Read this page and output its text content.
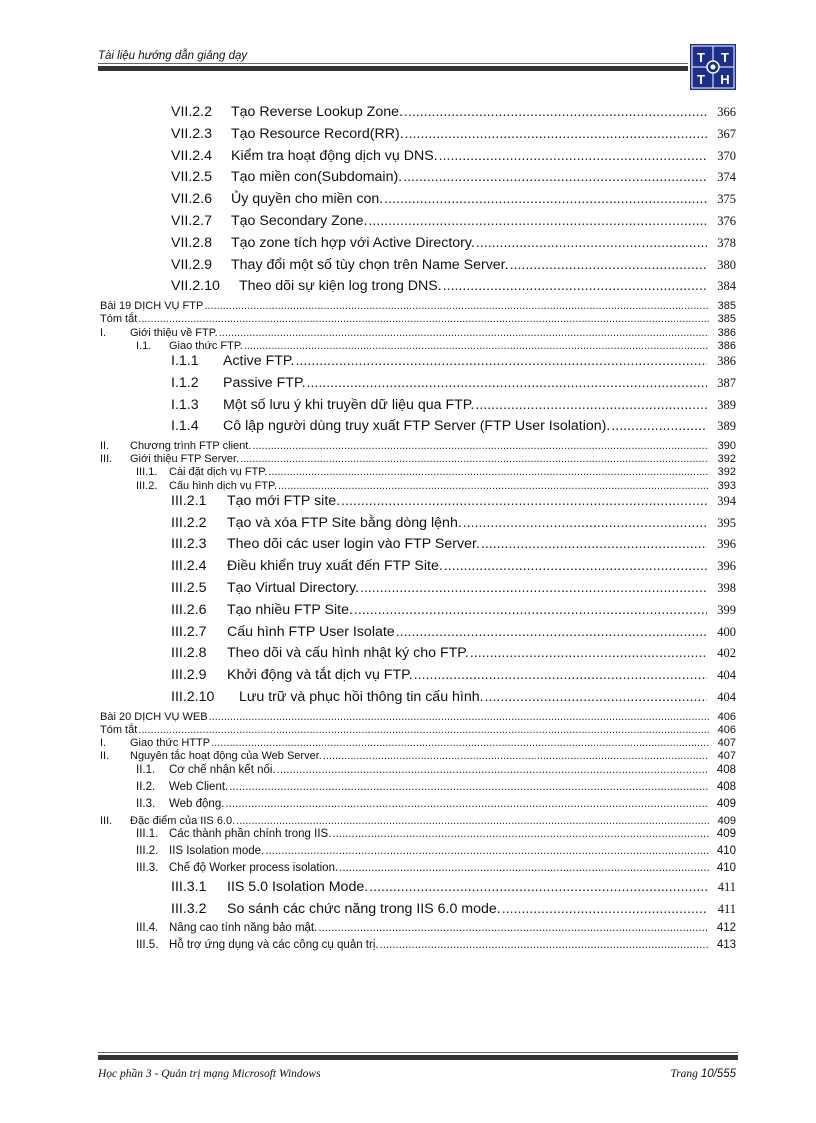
Tài liệu hướng dẫn giảng dạy	T T
T H
VII.2.2	Tạo Reverse Lookup Zone. .....	366
VII.2.3	Tạo Resource Record(RR). .....	367
VII.2.4	Kiểm tra hoạt động dịch vụ DNS. .....	370
VII.2.5	Tạo miền con(Subdomain). .....	374
VII.2.6	Ủy quyền cho miền con. .....	375
VII.2.7	Tạo Secondary Zone. .....	376
VII.2.8	Tạo zone tích hợp với Active Directory. .....	378
VII.2.9	Thay đổi một số tùy chọn trên Name Server. .....	380
VII.2.10	Theo dõi sự kiện log trong DNS. .....	384
Bài 19 DỊCH VỤ FTP .....	385
Tóm tắt .....	385
I.	Giới thiệu về FTP. .....	386
I.1.	Giao thức FTP. .....	386
I.1.1	Active FTP. .....	386
I.1.2	Passive FTP. .....	387
I.1.3	Một số lưu ý khi truyền dữ liệu qua FTP. .....	389
I.1.4	Cô lập người dùng truy xuất FTP Server (FTP User Isolation). .....	389
II.	Chương trình FTP client. .....	390
III.	Giới thiệu FTP Server. .....	392
III.1.	Cài đặt dịch vụ FTP. .....	392
III.2.	Cấu hình dịch vụ FTP. .....	393
III.2.1	Tạo mới FTP site. .....	394
III.2.2	Tạo và xóa FTP Site bằng dòng lệnh. .....	395
III.2.3	Theo dõi các user login vào FTP Server. .....	396
III.2.4	Điều khiển truy xuất đến FTP Site. .....	396
III.2.5	Tạo Virtual Directory. .....	398
III.2.6	Tạo nhiều FTP Site. .....	399
III.2.7	Cấu hình FTP User Isolate .....	400
III.2.8	Theo dõi và cấu hình nhật ký cho FTP. .....	402
III.2.9	Khởi động và tắt dịch vụ FTP. .....	404
III.2.10	Lưu trữ và phục hồi thông tin cấu hình. .....	404
Bài 20 DỊCH VỤ WEB .....	406
Tóm tắt .....	406
I.	Giao thức HTTP .....	407
II.	Nguyên tắc hoạt động của Web Server. .....	407
II.1.	Cơ chế nhận kết nối. .....	408
II.2.	Web Client. .....	408
II.3.	Web động. .....	409
III.	Đặc điểm của IIS 6.0. .....	409
III.1. Các thành phần chính trong IIS. .....	409
III.2. IIS Isolation mode. .....	410
III.3. Chế độ Worker process isolation. .....	410
III.3.1	IIS 5.0 Isolation Mode. .....	411
III.3.2	So sánh các chức năng trong IIS 6.0 mode. .....	411
III.4. Nâng cao tính năng bảo mật. .....	412
III.5. Hỗ trợ ứng dụng và các công cụ quản trị. .....	413
Học phần 3 - Quản trị mạng Microsoft Windows	Trang 10/555
